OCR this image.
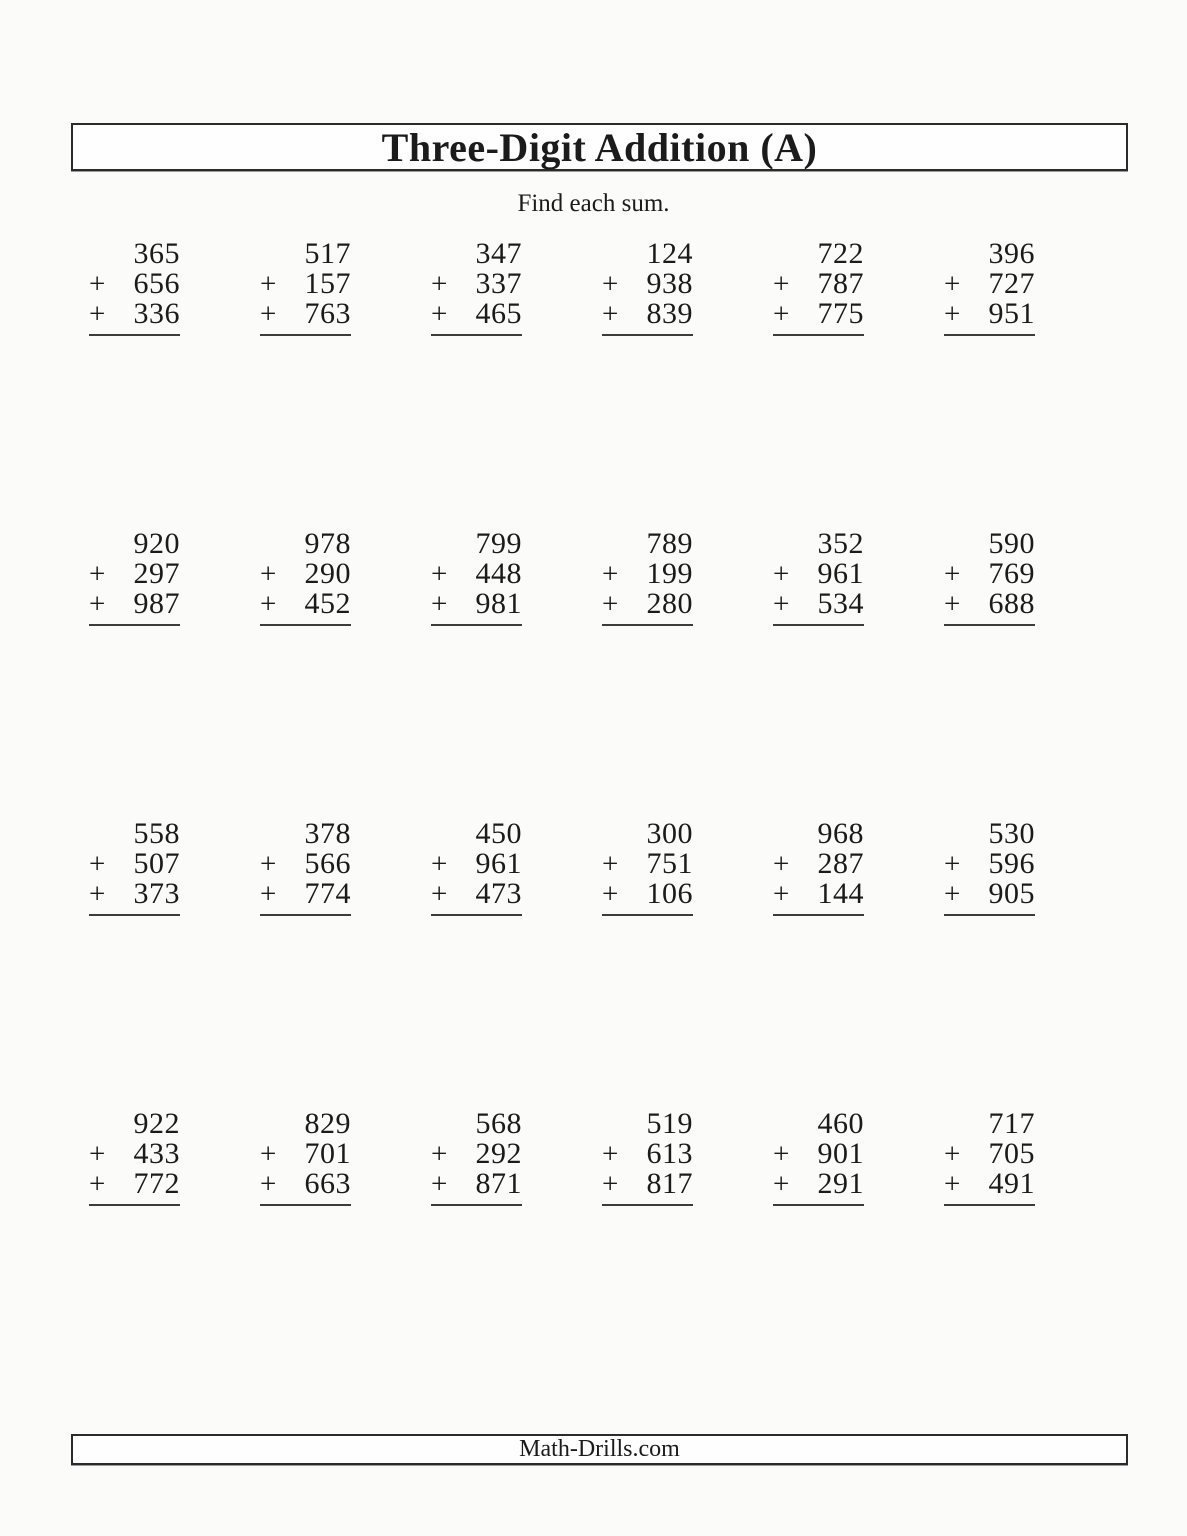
Three-Digit Addition (A)
Find each sum.
365
+ 656
+ 336
517
+ 157
+ 763
347
+ 337
+ 465
124
+ 938
+ 839
722
+ 787
+ 775
396
+ 727
+ 951
920
+ 297
+ 987
978
+ 290
+ 452
799
+ 448
+ 981
789
+ 199
+ 280
352
+ 961
+ 534
590
+ 769
+ 688
558
+ 507
+ 373
378
+ 566
+ 774
450
+ 961
+ 473
300
+ 751
+ 106
968
+ 287
+ 144
530
+ 596
+ 905
922
+ 433
+ 772
829
+ 701
+ 663
568
+ 292
+ 871
519
+ 613
+ 817
460
+ 901
+ 291
717
+ 705
+ 491
Math-Drills.com
